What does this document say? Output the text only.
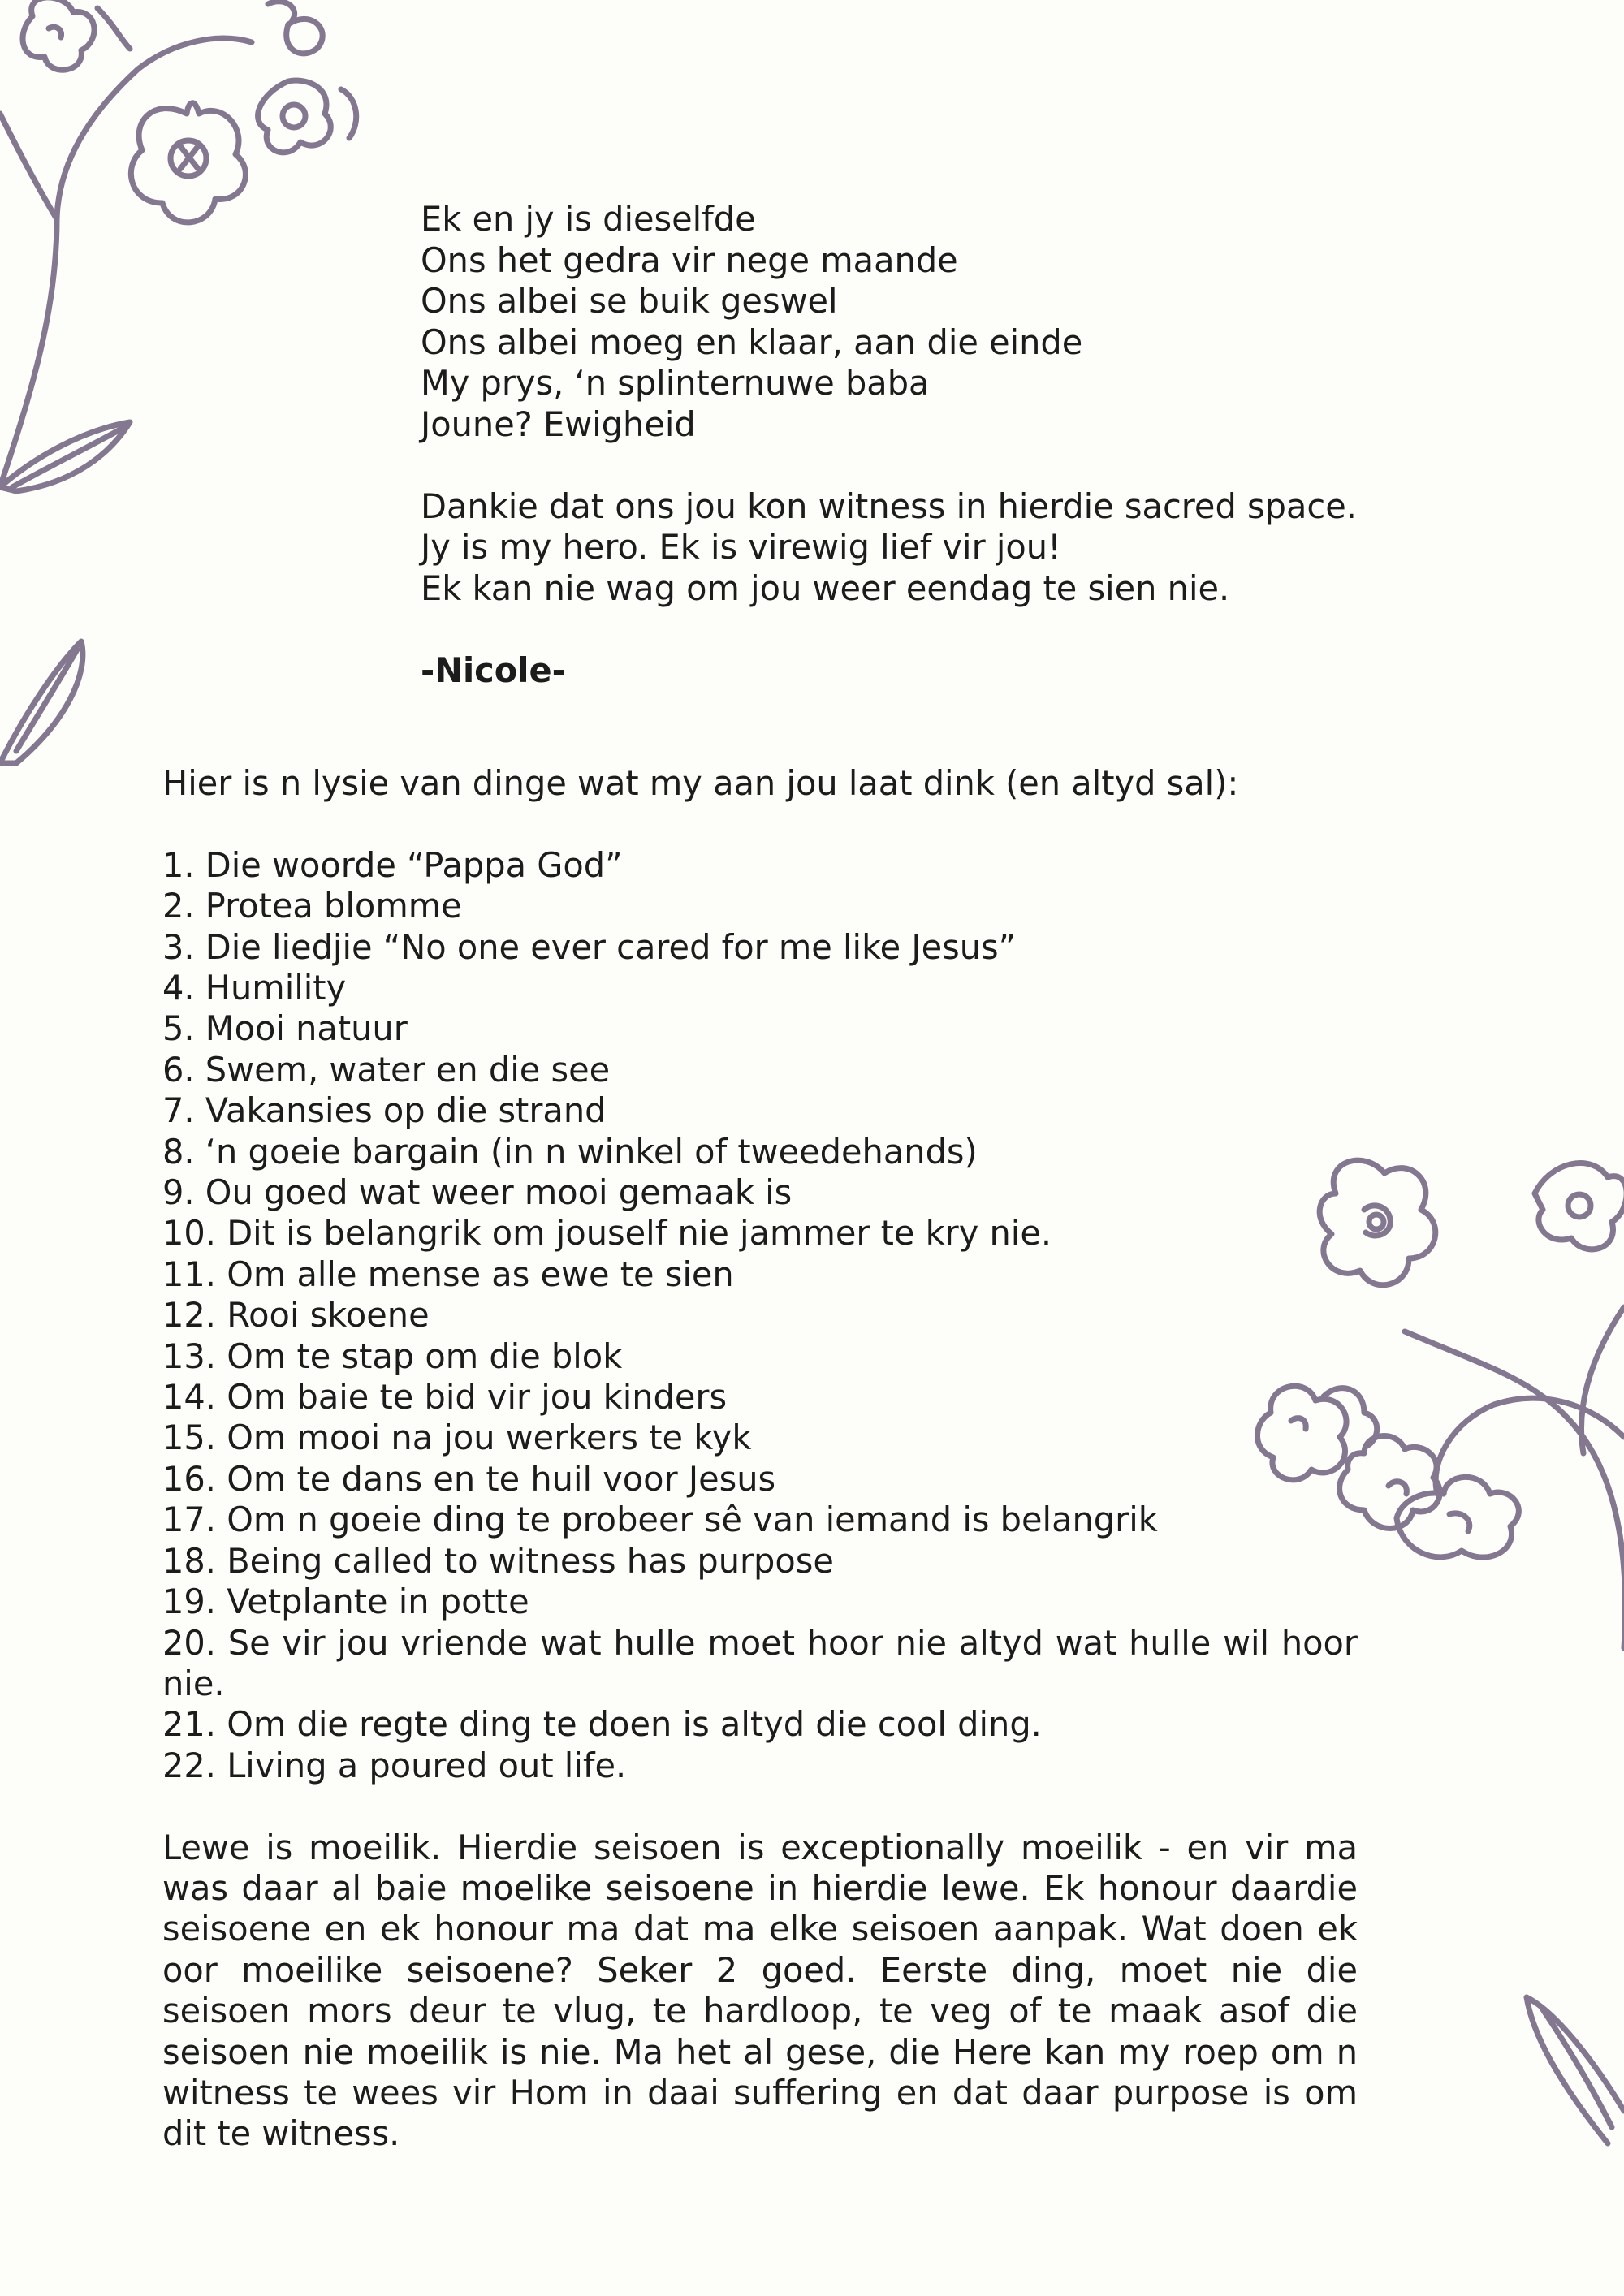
Ek en jy is dieselfde
Ons het gedra vir nege maande
Ons albei se buik geswel
Ons albei moeg en klaar, aan die einde
My prys, ‘n splinternuwe baba
Joune? Ewigheid
Dankie dat ons jou kon witness in hierdie sacred space.
Jy is my hero. Ek is virewig lief vir jou!
Ek kan nie wag om jou weer eendag te sien nie.
-Nicole-
Hier is n lysie van dinge wat my aan jou laat dink (en altyd sal):
1. Die woorde “Pappa God”
2. Protea blomme
3. Die liedjie “No one ever cared for me like Jesus”
4. Humility
5. Mooi natuur
6. Swem, water en die see
7. Vakansies op die strand
8. ‘n goeie bargain (in n winkel of tweedehands)
9. Ou goed wat weer mooi gemaak is
10. Dit is belangrik om jouself nie jammer te kry nie.
11. Om alle mense as ewe te sien
12. Rooi skoene
13. Om te stap om die blok
14. Om baie te bid vir jou kinders
15. Om mooi na jou werkers te kyk
16. Om te dans en te huil voor Jesus
17. Om n goeie ding te probeer sê van iemand is belangrik
18. Being called to witness has purpose
19. Vetplante in potte
20. Se vir jou vriende wat hulle moet hoor nie altyd wat hulle wil hoor nie.
21. Om die regte ding te doen is altyd die cool ding.
22. Living a poured out life.

Lewe is moeilik. Hierdie seisoen is exceptionally moeilik - en vir ma was daar al baie moelike seisoene in hierdie lewe. Ek honour daardie seisoene en ek honour ma dat ma elke seisoen aanpak. Wat doen ek oor moeilike seisoene? Seker 2 goed. Eerste ding, moet nie die seisoen mors deur te vlug, te hardloop, te veg of te maak asof die seisoen nie moeilik is nie. Ma het al gese, die Here kan my roep om n witness te wees vir Hom in daai suffering en dat daar purpose is om dit te witness.
